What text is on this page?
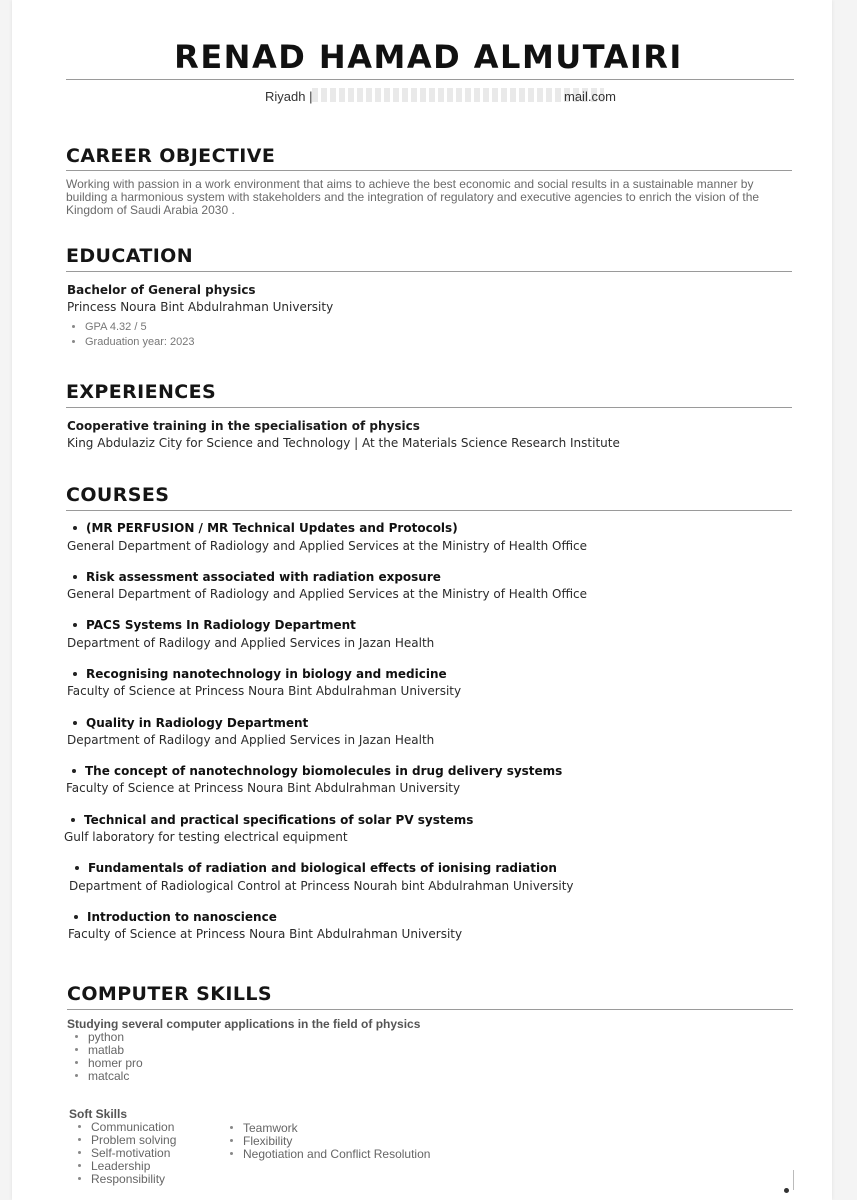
RENAD HAMAD ALMUTAIRI
Riyadh |	mail.com
CAREER OBJECTIVE
Working with passion in a work environment that aims to achieve the best economic and social results in a sustainable manner by building a harmonious system with stakeholders and the integration of regulatory and executive agencies to enrich the vision of the Kingdom of Saudi Arabia 2030 .
EDUCATION
Bachelor of General physics
Princess Noura Bint Abdulrahman University
GPA 4.32 / 5
Graduation year: 2023
EXPERIENCES
Cooperative training in the specialisation of physics
King Abdulaziz City for Science and Technology | At the Materials Science Research Institute
COURSES
(MR PERFUSION / MR Technical Updates and Protocols)
General Department of Radiology and Applied Services at the Ministry of Health Office
Risk assessment associated with radiation exposure
General Department of Radiology and Applied Services at the Ministry of Health Office
PACS Systems In Radiology Department
Department of Radilogy and Applied Services in Jazan Health
Recognising nanotechnology in biology and medicine
Faculty of Science at Princess Noura Bint Abdulrahman University
Quality in Radiology Department
Department of Radilogy and Applied Services in Jazan Health
The concept of nanotechnology biomolecules in drug delivery systems
Faculty of Science at Princess Noura Bint Abdulrahman University
Technical and practical specifications of solar PV systems
Gulf laboratory for testing electrical equipment
Fundamentals of radiation and biological effects of ionising radiation
Department of Radiological Control at Princess Nourah bint Abdulrahman University
Introduction to nanoscience
Faculty of Science at Princess Noura Bint Abdulrahman University
COMPUTER SKILLS
Studying several computer applications in the field of physics
python
matlab
homer pro
matcalc
Soft Skills
Communication
Problem solving
Self-motivation
Leadership
Responsibility
Teamwork
Flexibility
Negotiation and Conflict Resolution
